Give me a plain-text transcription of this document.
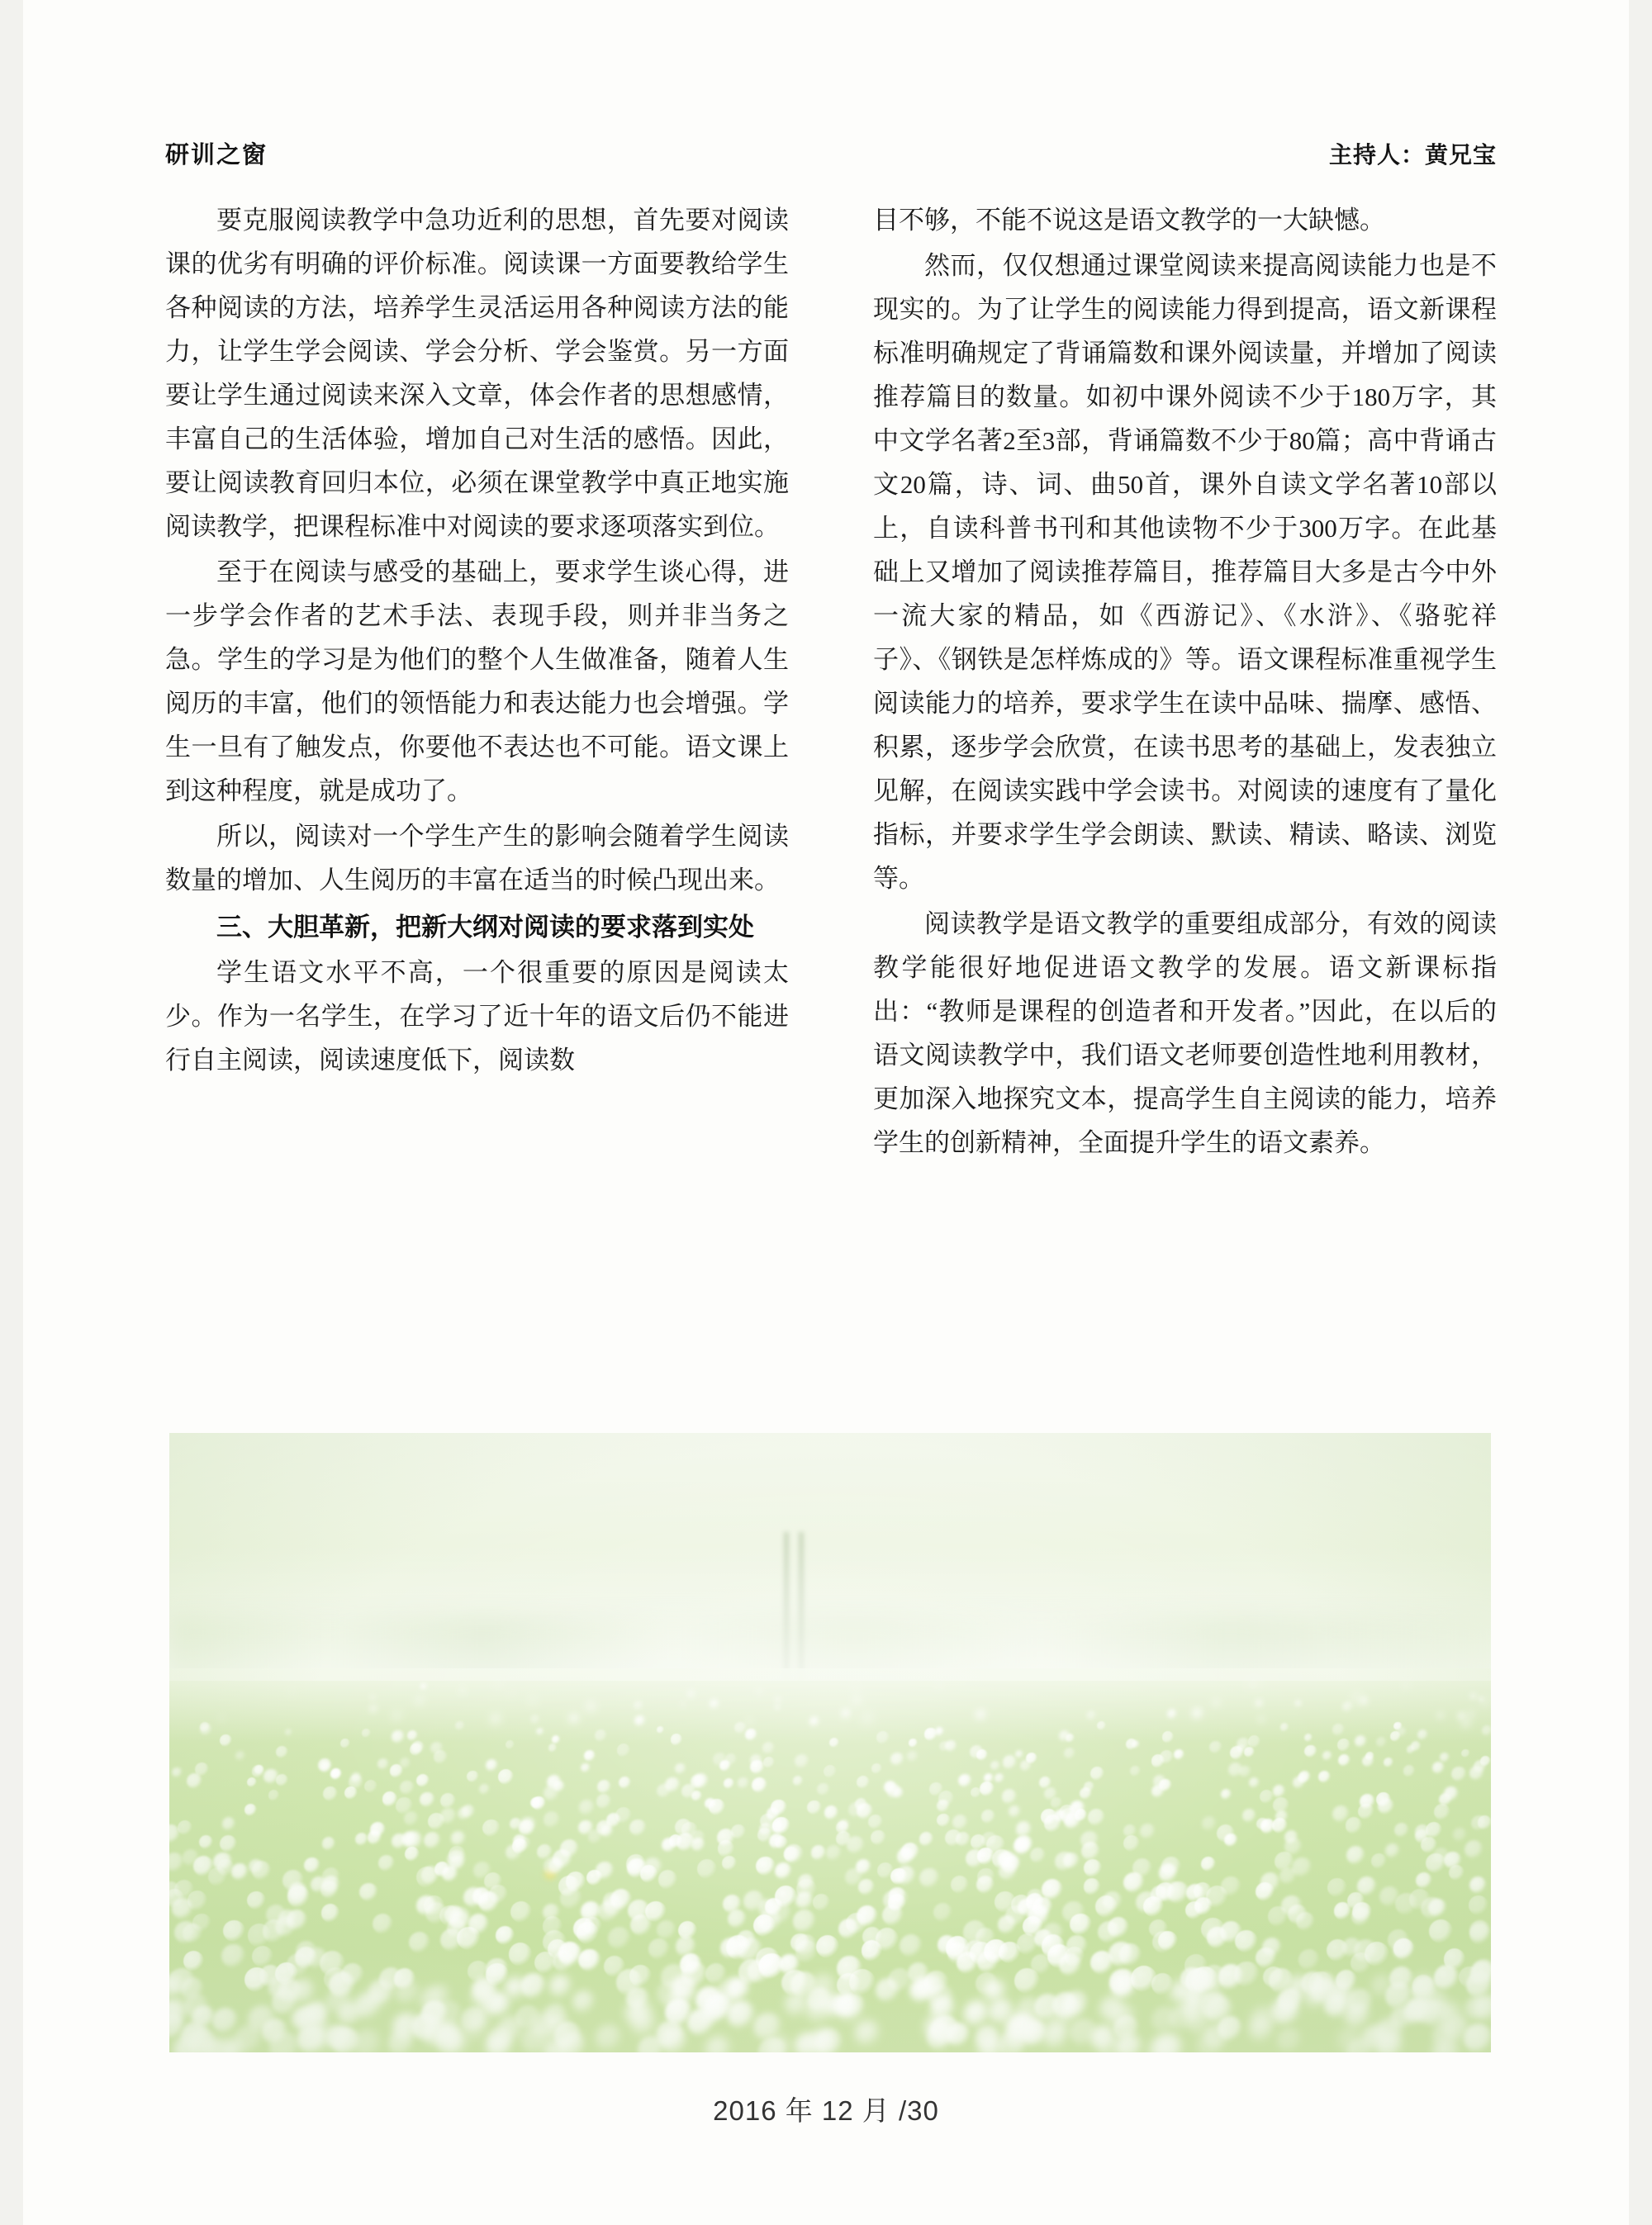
研训之窗	主持人：黄兄宝

要克服阅读教学中急功近利的思想，首先要对阅读课的优劣有明确的评价标准。阅读课一方面要教给学生各种阅读的方法，培养学生灵活运用各种阅读方法的能力，让学生学会阅读、学会分析、学会鉴赏。另一方面要让学生通过阅读来深入文章，体会作者的思想感情，丰富自己的生活体验，增加自己对生活的感悟。因此，要让阅读教育回归本位，必须在课堂教学中真正地实施阅读教学，把课程标准中对阅读的要求逐项落实到位。

至于在阅读与感受的基础上，要求学生谈心得，进一步学会作者的艺术手法、表现手段，则并非当务之急。学生的学习是为他们的整个人生做准备，随着人生阅历的丰富，他们的领悟能力和表达能力也会增强。学生一旦有了触发点，你要他不表达也不可能。语文课上到这种程度，就是成功了。

所以，阅读对一个学生产生的影响会随着学生阅读数量的增加、人生阅历的丰富在适当的时候凸现出来。

三、大胆革新，把新大纲对阅读的要求落到实处

学生语文水平不高，一个很重要的原因是阅读太少。作为一名学生，在学习了近十年的语文后仍不能进行自主阅读，阅读速度低下，阅读数

目不够，不能不说这是语文教学的一大缺憾。

然而，仅仅想通过课堂阅读来提高阅读能力也是不现实的。为了让学生的阅读能力得到提高，语文新课程标准明确规定了背诵篇数和课外阅读量，并增加了阅读推荐篇目的数量。如初中课外阅读不少于180万字，其中文学名著2至3部，背诵篇数不少于80篇；高中背诵古文20篇，诗、词、曲50首，课外自读文学名著10部以上，自读科普书刊和其他读物不少于300万字。在此基础上又增加了阅读推荐篇目，推荐篇目大多是古今中外一流大家的精品，如《西游记》、《水浒》、《骆驼祥子》、《钢铁是怎样炼成的》等。语文课程标准重视学生阅读能力的培养，要求学生在读中品味、揣摩、感悟、积累，逐步学会欣赏，在读书思考的基础上，发表独立见解，在阅读实践中学会读书。对阅读的速度有了量化指标，并要求学生学会朗读、默读、精读、略读、浏览等。

阅读教学是语文教学的重要组成部分，有效的阅读教学能很好地促进语文教学的发展。语文新课标指出：“教师是课程的创造者和开发者。”因此，在以后的语文阅读教学中，我们语文老师要创造性地利用教材，更加深入地探究文本，提高学生自主阅读的能力，培养学生的创新精神，全面提升学生的语文素养。

2016 年 12 月 /30
